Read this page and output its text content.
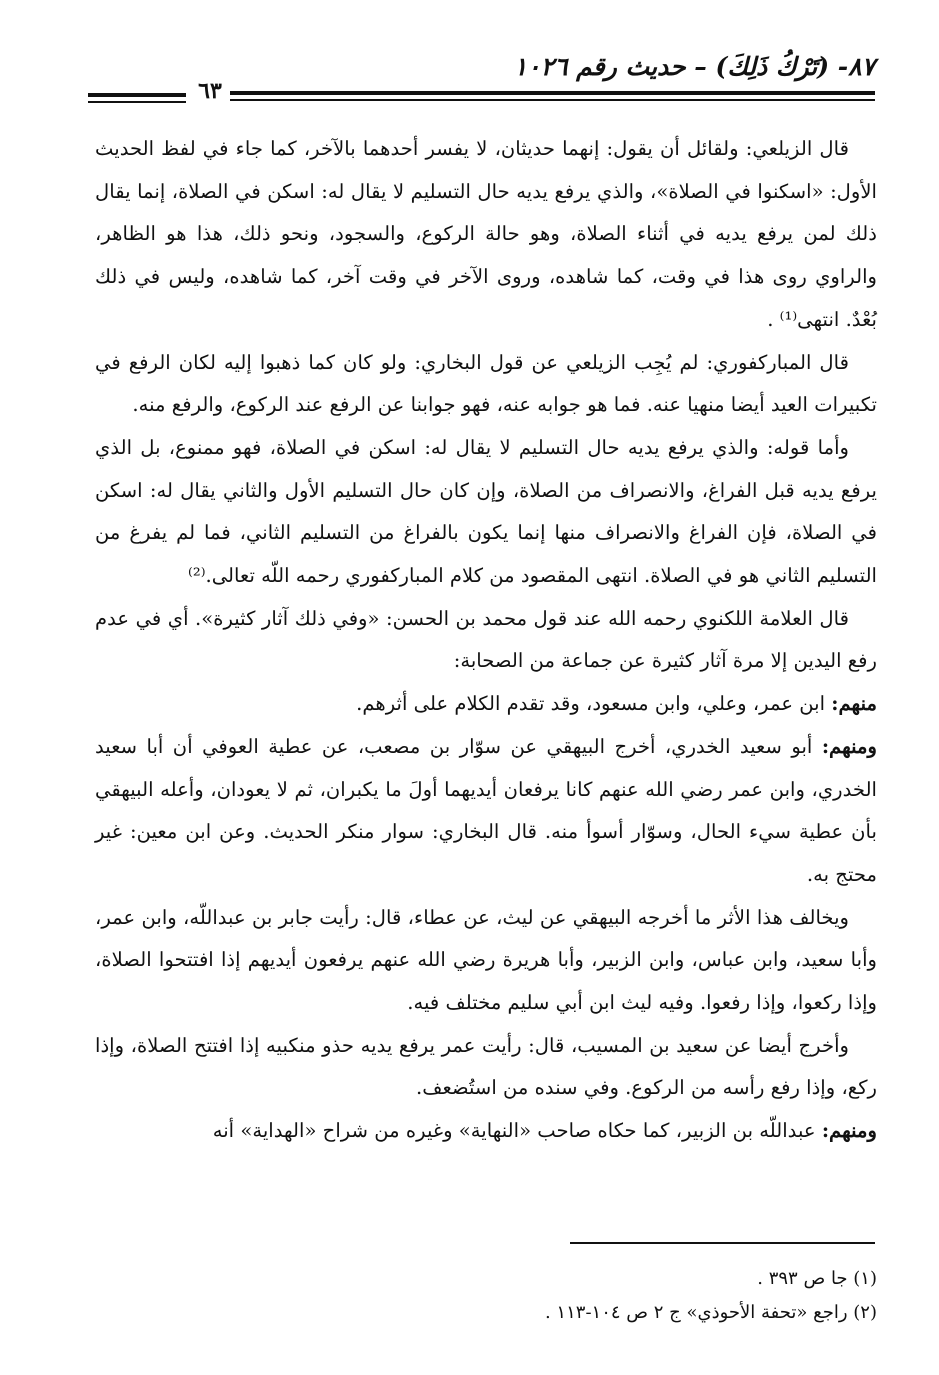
٨٧- (تَرْكُ ذَلِكَ) – حديث رقم ١٠٢٦
٦٣

قال الزيلعي: ولقائل أن يقول: إنهما حديثان، لا يفسر أحدهما بالآخر، كما جاء في لفظ الحديث الأول: «اسكنوا في الصلاة»، والذي يرفع يديه حال التسليم لا يقال له: اسكن في الصلاة، إنما يقال ذلك لمن يرفع يديه في أثناء الصلاة، وهو حالة الركوع، والسجود، ونحو ذلك، هذا هو الظاهر، والراوي روى هذا في وقت، كما شاهده، وروى الآخر في وقت آخر، كما شاهده، وليس في ذلك بُعْدٌ. انتهى⁽¹⁾ .

قال المباركفوري: لم يُجِب الزيلعي عن قول البخاري: ولو كان كما ذهبوا إليه لكان الرفع في تكبيرات العيد أيضا منهيا عنه. فما هو جوابه عنه، فهو جوابنا عن الرفع عند الركوع، والرفع منه.

وأما قوله: والذي يرفع يديه حال التسليم لا يقال له: اسكن في الصلاة، فهو ممنوع، بل الذي يرفع يديه قبل الفراغ، والانصراف من الصلاة، وإن كان حال التسليم الأول والثاني يقال له: اسكن في الصلاة، فإن الفراغ والانصراف منها إنما يكون بالفراغ من التسليم الثاني، فما لم يفرغ من التسليم الثاني هو في الصلاة. انتهى المقصود من كلام المباركفوري رحمه اللّه تعالى.⁽²⁾

قال العلامة اللكنوي رحمه الله عند قول محمد بن الحسن: «وفي ذلك آثار كثيرة». أي في عدم رفع اليدين إلا مرة آثار كثيرة عن جماعة من الصحابة:

منهم: ابن عمر، وعلي، وابن مسعود، وقد تقدم الكلام على أثرهم.

ومنهم: أبو سعيد الخدري، أخرج البيهقي عن سوّار بن مصعب، عن عطية العوفي أن أبا سعيد الخدري، وابن عمر رضي الله عنهم كانا يرفعان أيديهما أولَ ما يكبران، ثم لا يعودان، وأعله البيهقي بأن عطية سيء الحال، وسوّار أسوأ منه. قال البخاري: سوار منكر الحديث. وعن ابن معين: غير محتج به.

ويخالف هذا الأثر ما أخرجه البيهقي عن ليث، عن عطاء، قال: رأيت جابر بن عبداللّه، وابن عمر، وأبا سعيد، وابن عباس، وابن الزبير، وأبا هريرة رضي الله عنهم يرفعون أيديهم إذا افتتحوا الصلاة، وإذا ركعوا، وإذا رفعوا. وفيه ليث ابن أبي سليم مختلف فيه.

وأخرج أيضا عن سعيد بن المسيب، قال: رأيت عمر يرفع يديه حذو منكبيه إذا افتتح الصلاة، وإذا ركع، وإذا رفع رأسه من الركوع. وفي سنده من استُضعف.

ومنهم: عبداللّه بن الزبير، كما حكاه صاحب «النهاية» وغيره من شراح «الهداية» أنه

(١) جا ص ٣٩٣ .
(٢) راجع «تحفة الأحوذي» ج ٢ ص ١٠٤-١١٣ .
